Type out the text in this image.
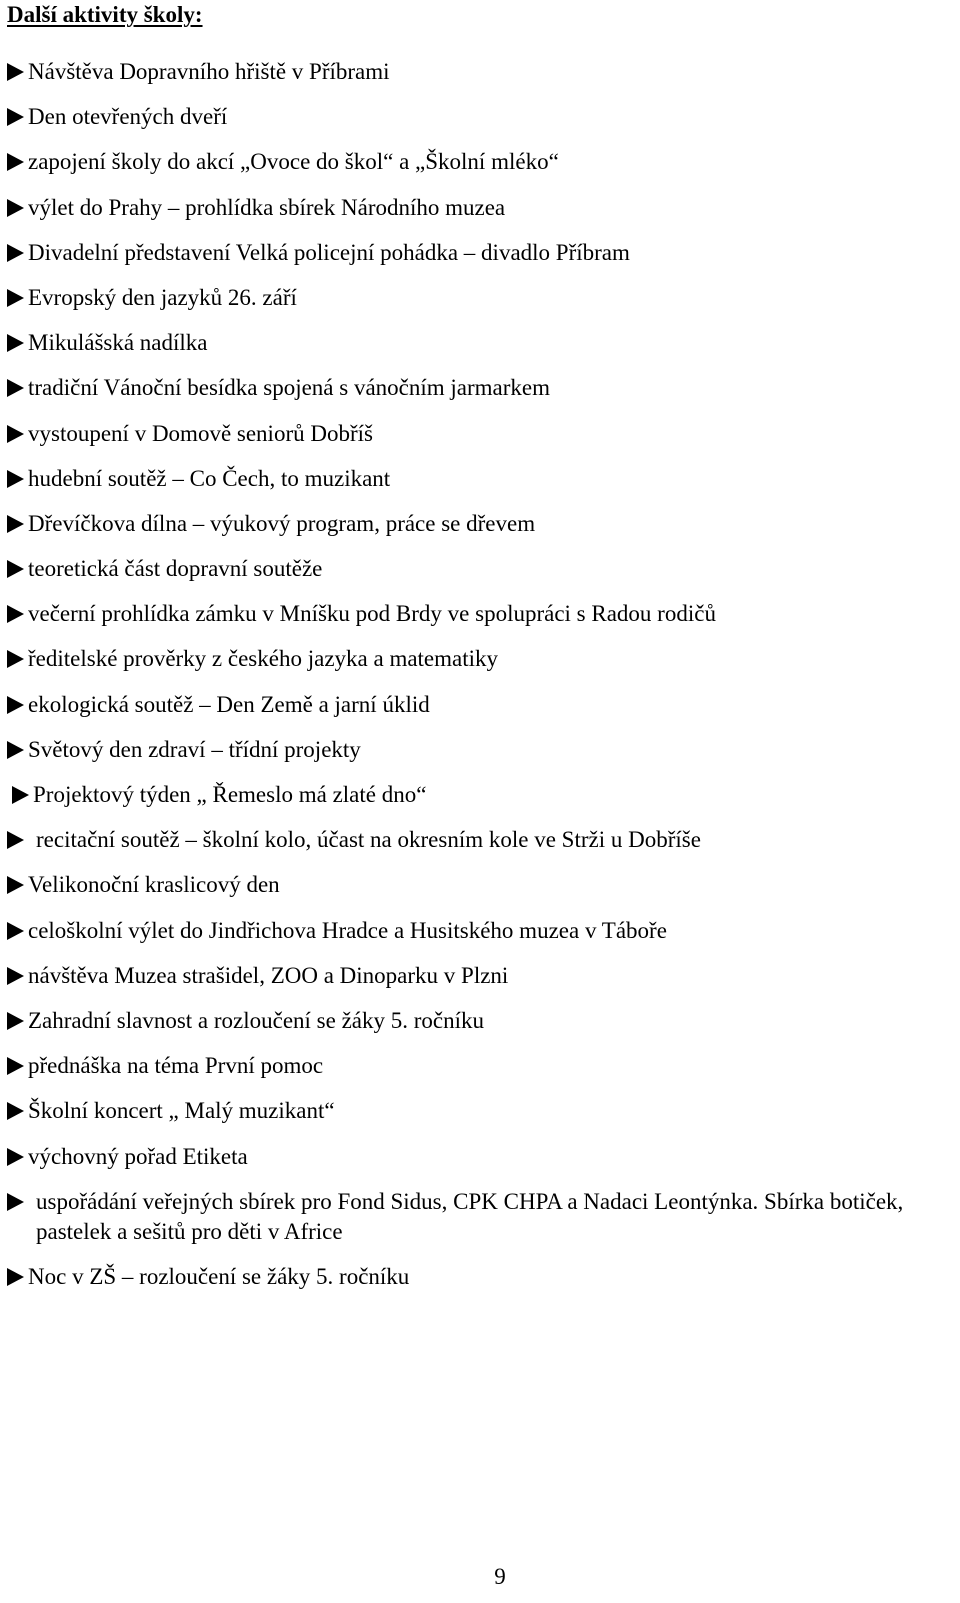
Další aktivity školy:
Návštěva Dopravního hřiště v Příbrami
Den otevřených dveří
zapojení školy do akcí „Ovoce do škol“ a „Školní mléko“
výlet do Prahy – prohlídka sbírek Národního muzea
Divadelní představení Velká policejní pohádka – divadlo Příbram
Evropský den jazyků 26. září
Mikulášská nadílka
tradiční Vánoční besídka spojená s vánočním jarmarkem
vystoupení v Domově seniorů Dobříš
hudební soutěž – Co Čech, to muzikant
Dřevíčkova dílna – výukový program, práce se dřevem
teoretická část dopravní soutěže
večerní prohlídka zámku v Mníšku pod Brdy ve spolupráci s Radou rodičů
ředitelské prověrky z českého jazyka a matematiky
ekologická soutěž – Den Země a jarní úklid
Světový den zdraví – třídní projekty
Projektový týden „ Řemeslo má zlaté dno“
recitační soutěž – školní kolo, účast na okresním kole ve Strži u Dobříše
Velikonoční kraslicový den
celoškolní výlet do Jindřichova Hradce a Husitského muzea v Táboře
návštěva Muzea strašidel, ZOO a Dinoparku v Plzni
Zahradní slavnost a rozloučení se žáky 5. ročníku
přednáška na téma První pomoc
Školní koncert „ Malý muzikant“
výchovný pořad Etiketa
uspořádání veřejných sbírek pro Fond Sidus, CPK CHPA a Nadaci Leontýnka. Sbírka botiček, pastelek a sešitů pro děti v Africe
Noc v ZŠ – rozloučení se žáky 5. ročníku

9
